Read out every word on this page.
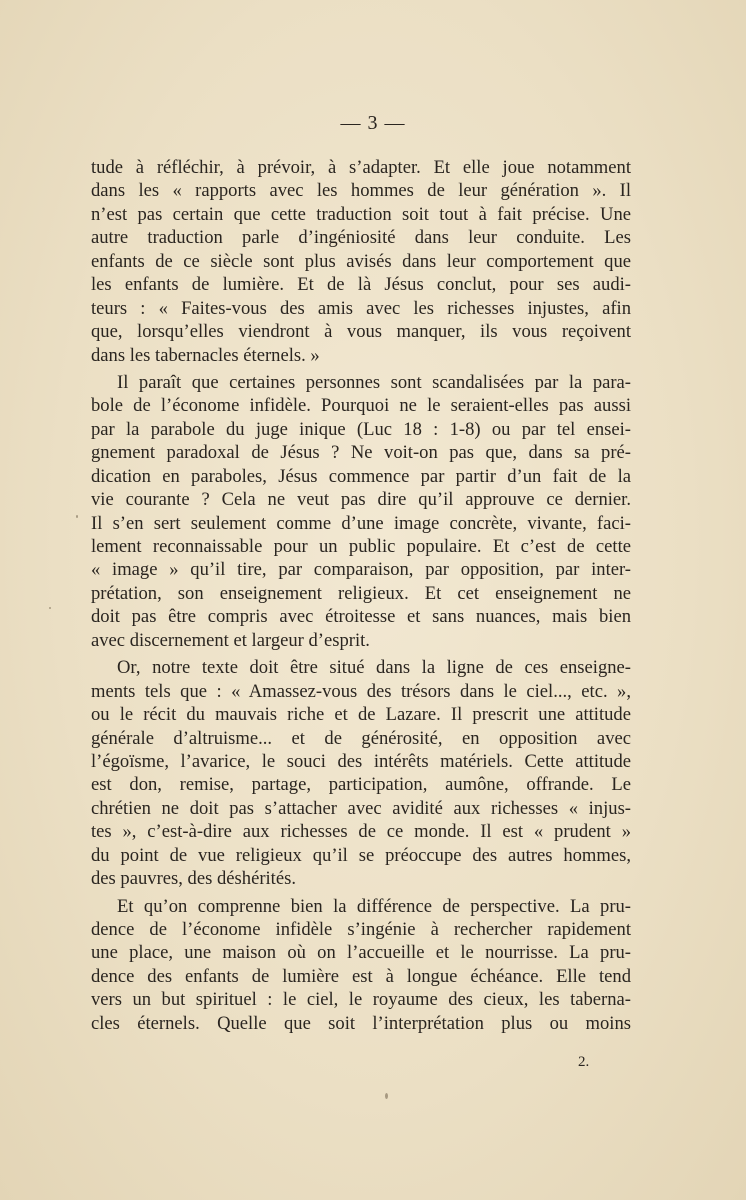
— 3 —

tude à réfléchir, à prévoir, à s’adapter. Et elle joue notamment
dans les « rapports avec les hommes de leur génération ». Il
n’est pas certain que cette traduction soit tout à fait précise. Une
autre traduction parle d’ingéniosité dans leur conduite. Les
enfants de ce siècle sont plus avisés dans leur comportement que
les enfants de lumière. Et de là Jésus conclut, pour ses audi-
teurs : « Faites-vous des amis avec les richesses injustes, afin
que, lorsqu’elles viendront à vous manquer, ils vous reçoivent
dans les tabernacles éternels. »

Il paraît que certaines personnes sont scandalisées par la para-
bole de l’économe infidèle. Pourquoi ne le seraient-elles pas aussi
par la parabole du juge inique (Luc 18 : 1-8) ou par tel ensei-
gnement paradoxal de Jésus ? Ne voit-on pas que, dans sa pré-
dication en paraboles, Jésus commence par partir d’un fait de la
vie courante ? Cela ne veut pas dire qu’il approuve ce dernier.
Il s’en sert seulement comme d’une image concrète, vivante, faci-
lement reconnaissable pour un public populaire. Et c’est de cette
« image » qu’il tire, par comparaison, par opposition, par inter-
prétation, son enseignement religieux. Et cet enseignement ne
doit pas être compris avec étroitesse et sans nuances, mais bien
avec discernement et largeur d’esprit.

Or, notre texte doit être situé dans la ligne de ces enseigne-
ments tels que : « Amassez-vous des trésors dans le ciel..., etc. »,
ou le récit du mauvais riche et de Lazare. Il prescrit une attitude
générale d’altruisme... et de générosité, en opposition avec
l’égoïsme, l’avarice, le souci des intérêts matériels. Cette attitude
est don, remise, partage, participation, aumône, offrande. Le
chrétien ne doit pas s’attacher avec avidité aux richesses « injus-
tes », c’est-à-dire aux richesses de ce monde. Il est « prudent »
du point de vue religieux qu’il se préoccupe des autres hommes,
des pauvres, des déshérités.

Et qu’on comprenne bien la différence de perspective. La pru-
dence de l’économe infidèle s’ingénie à rechercher rapidement
une place, une maison où on l’accueille et le nourrisse. La pru-
dence des enfants de lumière est à longue échéance. Elle tend
vers un but spirituel : le ciel, le royaume des cieux, les taberna-
cles éternels. Quelle que soit l’interprétation plus ou moins

2.
